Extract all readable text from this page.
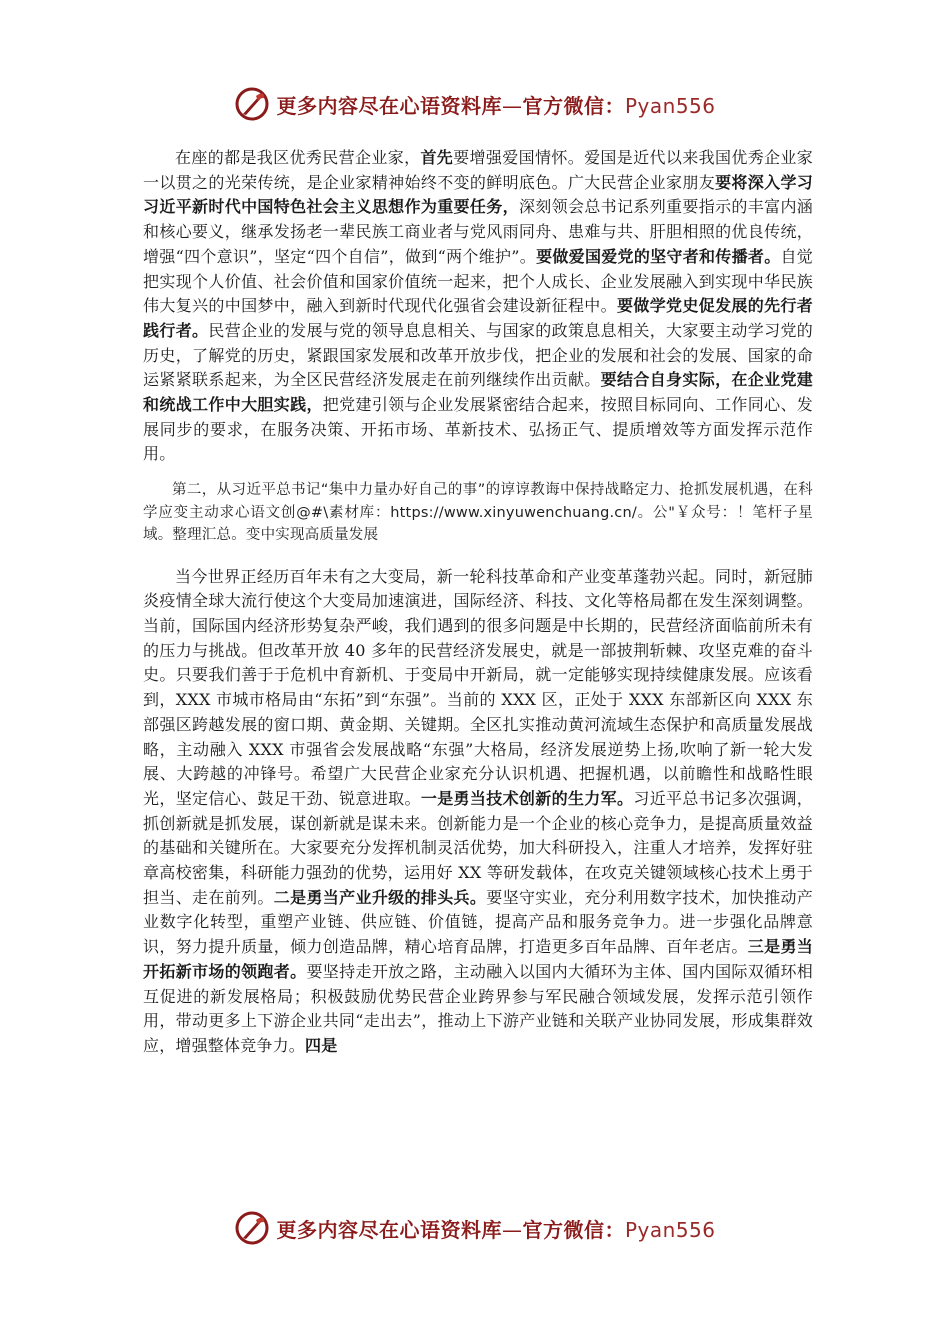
更多内容尽在心语资料库—官方微信：Pyan556

在座的都是我区优秀民营企业家，首先要增强爱国情怀。爱国是近代以来我国优秀企业家一以贯之的光荣传统，是企业家精神始终不变的鲜明底色。广大民营企业家朋友要将深入学习习近平新时代中国特色社会主义思想作为重要任务，深刻领会总书记系列重要指示的丰富内涵和核心要义，继承发扬老一辈民族工商业者与党风雨同舟、患难与共、肝胆相照的优良传统，增强“四个意识”，坚定“四个自信”，做到“两个维护”。要做爱国爱党的坚守者和传播者。自觉把实现个人价值、社会价值和国家价值统一起来，把个人成长、企业发展融入到实现中华民族伟大复兴的中国梦中，融入到新时代现代化强省会建设新征程中。要做学党史促发展的先行者践行者。民营企业的发展与党的领导息息相关、与国家的政策息息相关，大家要主动学习党的历史，了解党的历史，紧跟国家发展和改革开放步伐，把企业的发展和社会的发展、国家的命运紧紧联系起来，为全区民营经济发展走在前列继续作出贡献。要结合自身实际，在企业党建和统战工作中大胆实践，把党建引领与企业发展紧密结合起来，按照目标同向、工作同心、发展同步的要求，在服务决策、开拓市场、革新技术、弘扬正气、提质增效等方面发挥示范作用。

第二，从习近平总书记“集中力量办好自己的事”的谆谆教诲中保持战略定力、抢抓发展机遇，在科学应变主动求心语文创@#\素材库：https://www.xinyuwenchuang.cn/。公"￥众号：！笔杆子星域。整理汇总。变中实现高质量发展

当今世界正经历百年未有之大变局，新一轮科技革命和产业变革蓬勃兴起。同时，新冠肺炎疫情全球大流行使这个大变局加速演进，国际经济、科技、文化等格局都在发生深刻调整。当前，国际国内经济形势复杂严峻，我们遇到的很多问题是中长期的，民营经济面临前所未有的压力与挑战。但改革开放 40 多年的民营经济发展史，就是一部披荆斩棘、攻坚克难的奋斗史。只要我们善于于危机中育新机、于变局中开新局，就一定能够实现持续健康发展。应该看到，XXX 市城市格局由“东拓”到“东强”。当前的 XXX 区，正处于 XXX 东部新区向 XXX 东部强区跨越发展的窗口期、黄金期、关键期。全区扎实推动黄河流域生态保护和高质量发展战略，主动融入 XXX 市强省会发展战略“东强”大格局，经济发展逆势上扬,吹响了新一轮大发展、大跨越的冲锋号。希望广大民营企业家充分认识机遇、把握机遇，以前瞻性和战略性眼光，坚定信心、鼓足干劲、锐意进取。一是勇当技术创新的生力军。习近平总书记多次强调，抓创新就是抓发展，谋创新就是谋未来。创新能力是一个企业的核心竞争力，是提高质量效益的基础和关键所在。大家要充分发挥机制灵活优势，加大科研投入，注重人才培养，发挥好驻章高校密集，科研能力强劲的优势，运用好 XX 等研发载体，在攻克关键领域核心技术上勇于担当、走在前列。二是勇当产业升级的排头兵。要坚守实业，充分利用数字技术，加快推动产业数字化转型，重塑产业链、供应链、价值链，提高产品和服务竞争力。进一步强化品牌意识，努力提升质量，倾力创造品牌，精心培育品牌，打造更多百年品牌、百年老店。三是勇当开拓新市场的领跑者。要坚持走开放之路，主动融入以国内大循环为主体、国内国际双循环相互促进的新发展格局；积极鼓励优势民营企业跨界参与军民融合领域发展，发挥示范引领作用，带动更多上下游企业共同“走出去”，推动上下游产业链和关联产业协同发展，形成集群效应，增强整体竞争力。四是

更多内容尽在心语资料库—官方微信：Pyan556
